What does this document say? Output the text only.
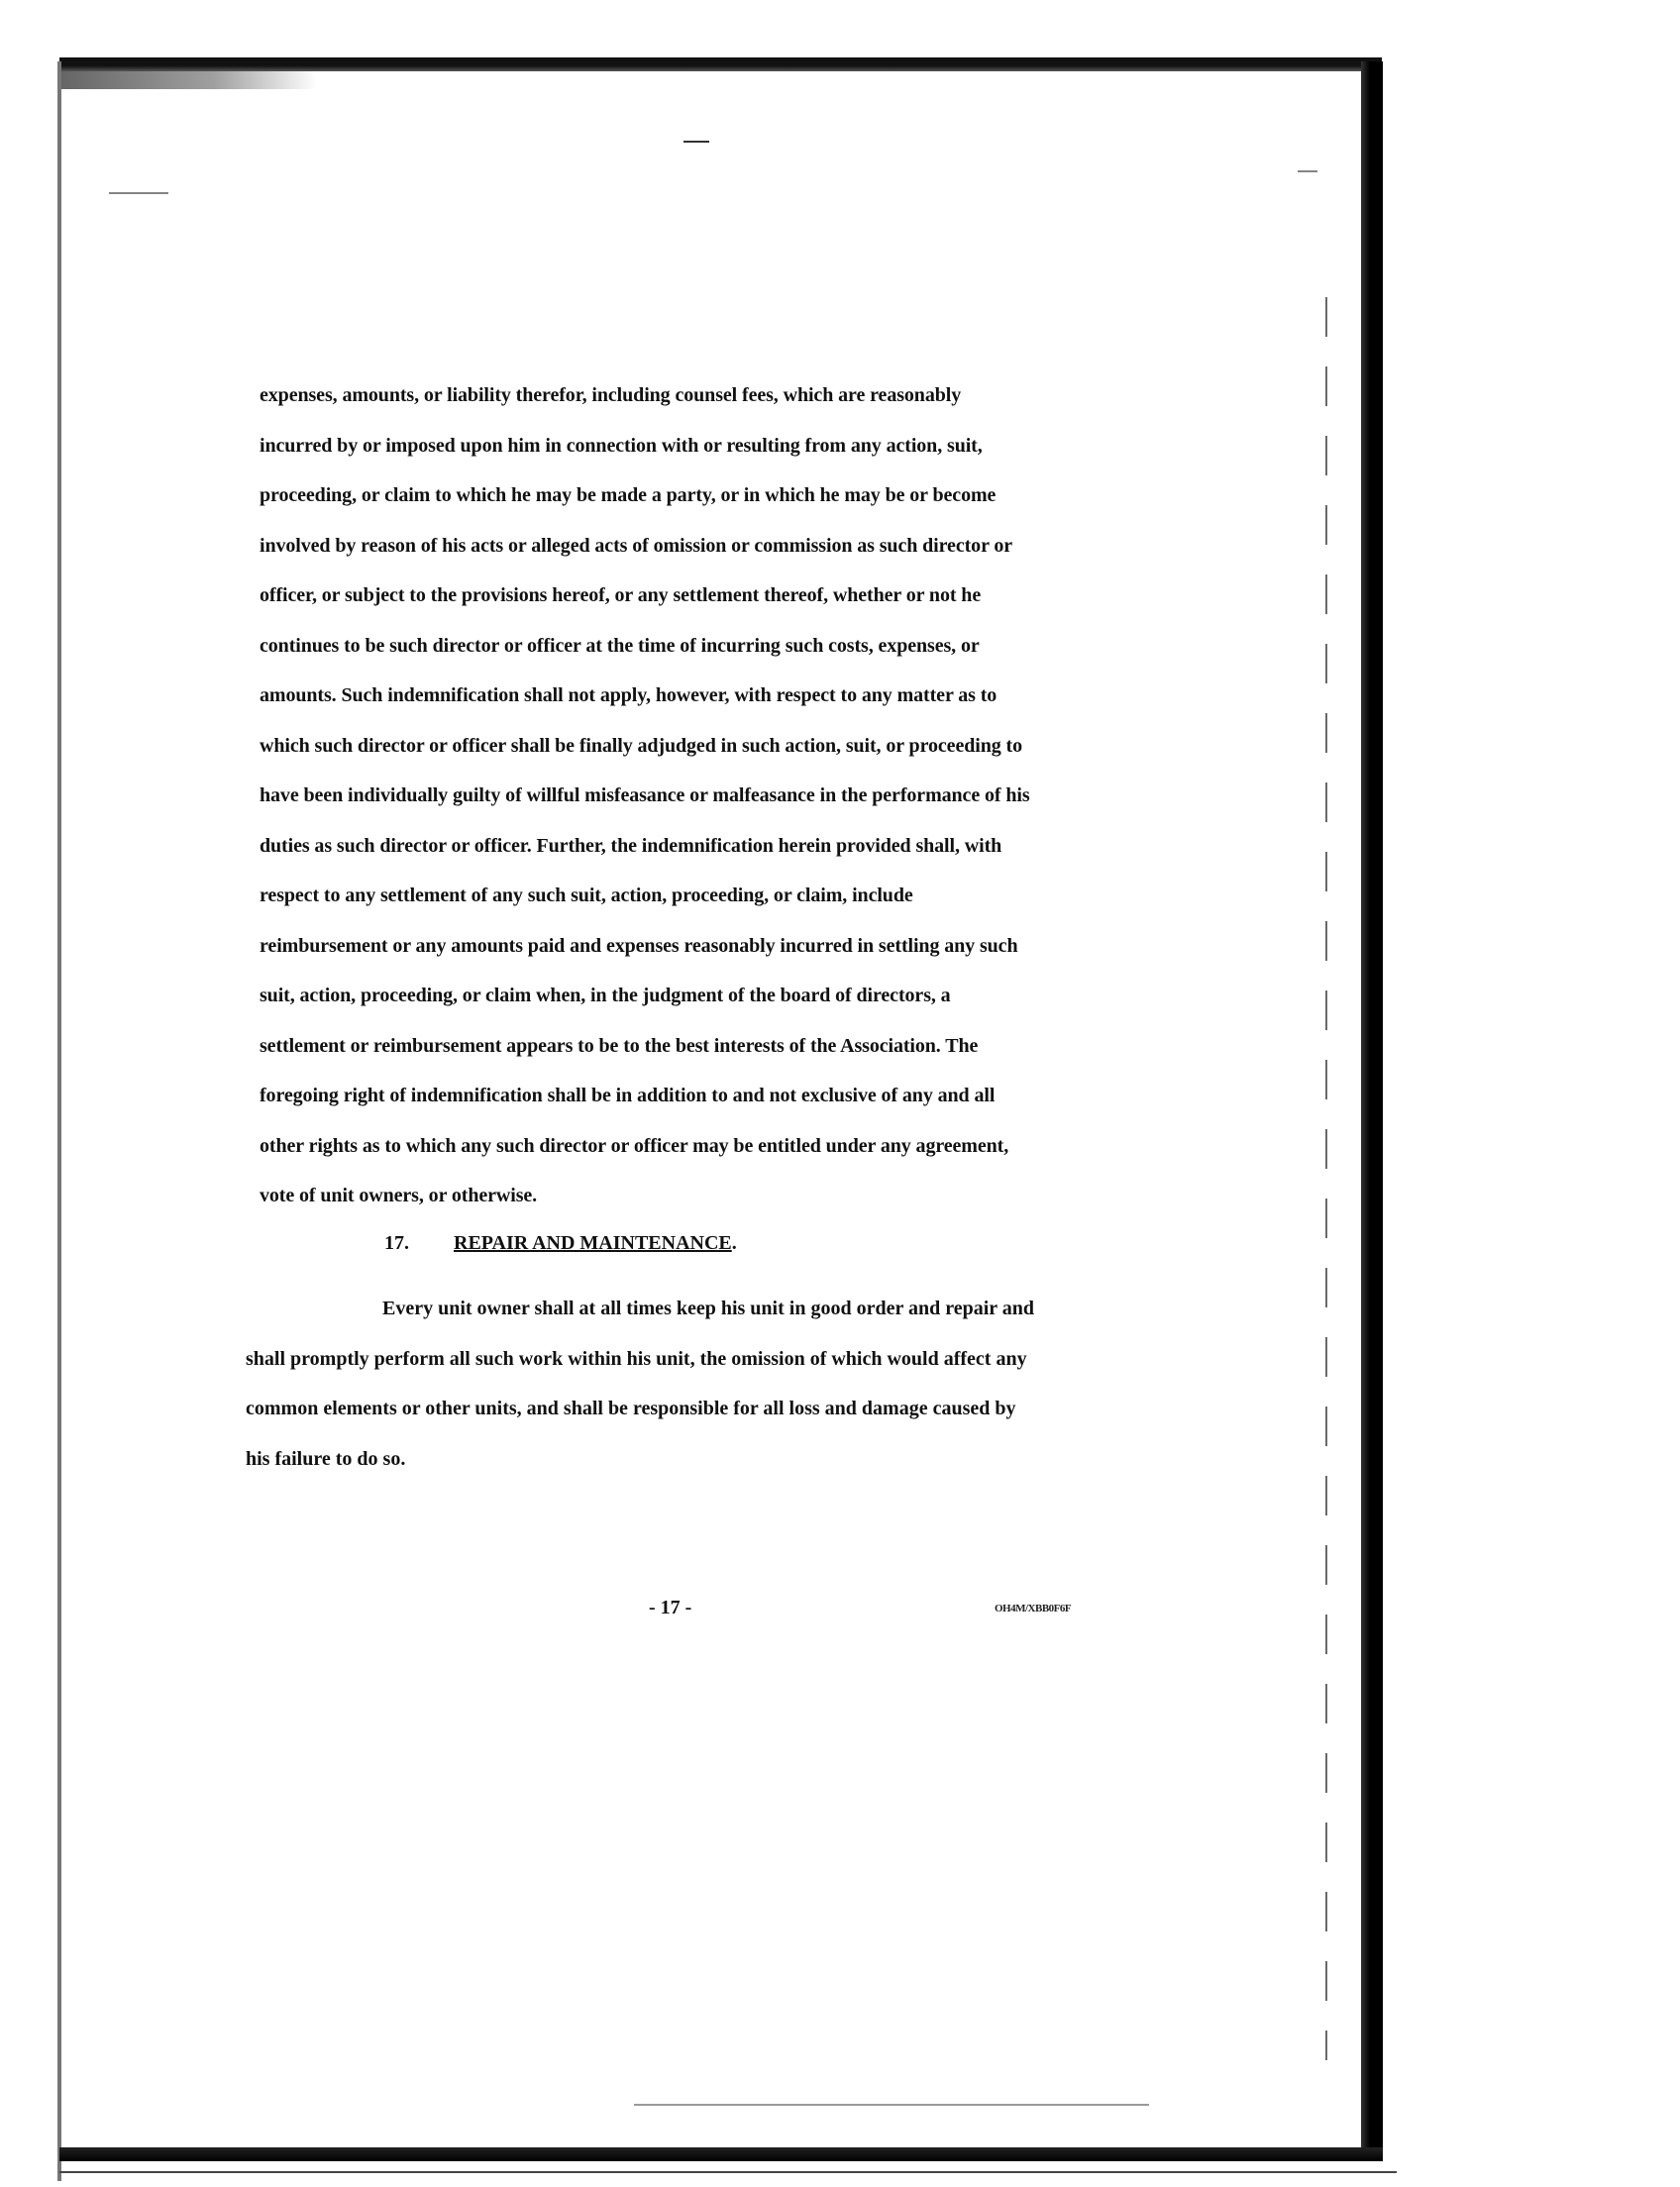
expenses, amounts, or liability therefor, including counsel fees, which are reasonably
incurred by or imposed upon him in connection with or resulting from any action, suit,
proceeding, or claim to which he may be made a party, or in which he may be or become
involved by reason of his acts or alleged acts of omission or commission as such director or
officer, or subject to the provisions hereof, or any settlement thereof, whether or not he
continues to be such director or officer at the time of incurring such costs, expenses, or
amounts. Such indemnification shall not apply, however, with respect to any matter as to
which such director or officer shall be finally adjudged in such action, suit, or proceeding to
have been individually guilty of willful misfeasance or malfeasance in the performance of his
duties as such director or officer. Further, the indemnification herein provided shall, with
respect to any settlement of any such suit, action, proceeding, or claim, include
reimbursement or any amounts paid and expenses reasonably incurred in settling any such
suit, action, proceeding, or claim when, in the judgment of the board of directors, a
settlement or reimbursement appears to be to the best interests of the Association. The
foregoing right of indemnification shall be in addition to and not exclusive of any and all
other rights as to which any such director or officer may be entitled under any agreement,
vote of unit owners, or otherwise.
17. REPAIR AND MAINTENANCE.
Every unit owner shall at all times keep his unit in good order and repair and
shall promptly perform all such work within his unit, the omission of which would affect any
common elements or other units, and shall be responsible for all loss and damage caused by
his failure to do so.
- 17 -	OH4M/XBB0F6F
